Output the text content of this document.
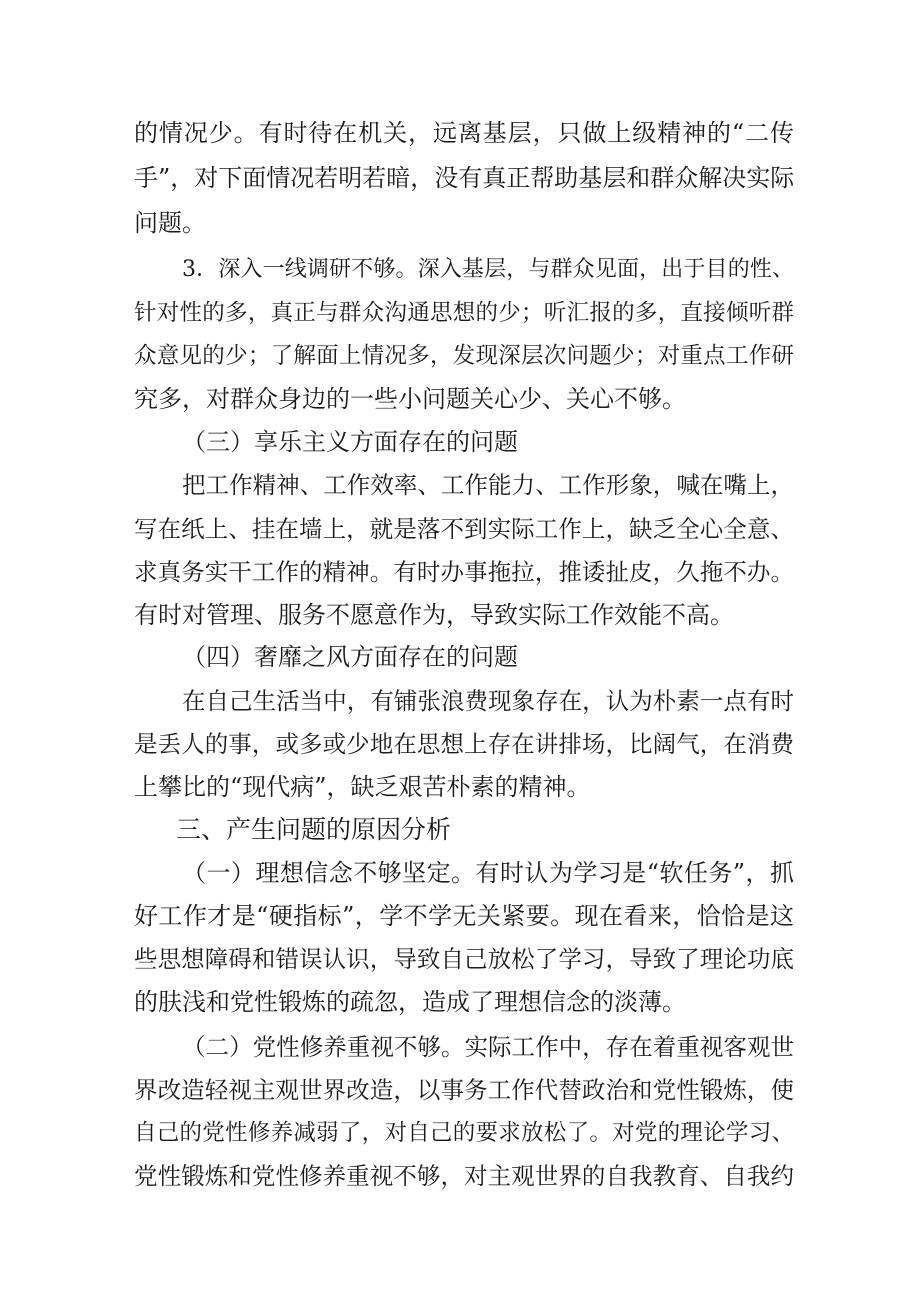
的情况少。有时待在机关，远离基层，只做上级精神的“二传
手”，对下面情况若明若暗，没有真正帮助基层和群众解决实际
问题。
3．深入一线调研不够。深入基层，与群众见面，出于目的性、
针对性的多，真正与群众沟通思想的少；听汇报的多，直接倾听群
众意见的少；了解面上情况多，发现深层次问题少；对重点工作研
究多，对群众身边的一些小问题关心少、关心不够。
（三）享乐主义方面存在的问题
把工作精神、工作效率、工作能力、工作形象，喊在嘴上，
写在纸上、挂在墙上，就是落不到实际工作上，缺乏全心全意、
求真务实干工作的精神。有时办事拖拉，推诿扯皮，久拖不办。
有时对管理、服务不愿意作为，导致实际工作效能不高。
（四）奢靡之风方面存在的问题
在自己生活当中，有铺张浪费现象存在，认为朴素一点有时
是丢人的事，或多或少地在思想上存在讲排场，比阔气，在消费
上攀比的“现代病”，缺乏艰苦朴素的精神。
三、产生问题的原因分析
（一）理想信念不够坚定。有时认为学习是“软任务”，抓
好工作才是“硬指标”，学不学无关紧要。现在看来，恰恰是这
些思想障碍和错误认识，导致自己放松了学习，导致了理论功底
的肤浅和党性锻炼的疏忽，造成了理想信念的淡薄。
（二）党性修养重视不够。实际工作中，存在着重视客观世
界改造轻视主观世界改造，以事务工作代替政治和党性锻炼，使
自己的党性修养减弱了，对自己的要求放松了。对党的理论学习、
党性锻炼和党性修养重视不够，对主观世界的自我教育、自我约
